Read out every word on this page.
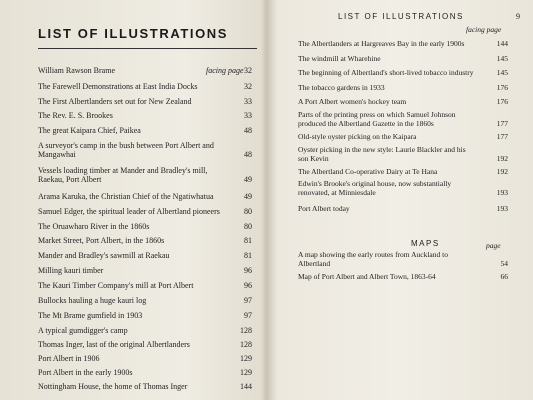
LIST OF ILLUSTRATIONS
William Rawson Brame	facing page 32
The Farewell Demonstrations at East India Docks	32
The First Albertlanders set out for New Zealand	33
The Rev. E. S. Brookes	33
The great Kaipara Chief, Paikea	48
A surveyor's camp in the bush between Port Albert and Mangawhai	48
Vessels loading timber at Mander and Bradley's mill, Raekau, Port Albert	49
Arama Karuka, the Christian Chief of the Ngatiwhatua	49
Samuel Edger, the spiritual leader of Albertland pioneers	80
The Oruawharo River in the 1860s	80
Market Street, Port Albert, in the 1860s	81
Mander and Bradley's sawmill at Raekau	81
Milling kauri timber	96
The Kauri Timber Company's mill at Port Albert	96
Bullocks hauling a huge kauri log	97
The Mt Brame gumfield in 1903	97
A typical gumdigger's camp	128
Thomas Inger, last of the original Albertlanders	128
Port Albert in 1906	129
Port Albert in the early 1900s	129
Nottingham House, the home of Thomas Inger	144
LIST OF ILLUSTRATIONS	9
facing page
The Albertlanders at Hargreaves Bay in the early 1900s	144
The windmill at Wharehine	145
The beginning of Albertland's short-lived tobacco industry	145
The tobacco gardens in 1933	176
A Port Albert women's hockey team	176
Parts of the printing press on which Samuel Johnson produced the Albertland Gazette in the 1860s	177
Old-style oyster picking on the Kaipara	177
Oyster picking in the new style: Laurie Blackler and his son Kevin	192
The Albertland Co-operative Dairy at Te Hana	192
Edwin's Brooke's original house, now substantially renovated, at Minniesdale	193
Port Albert today	193
MAPS	page
A map showing the early routes from Auckland to Albertland	54
Map of Port Albert and Albert Town, 1863-64	66
